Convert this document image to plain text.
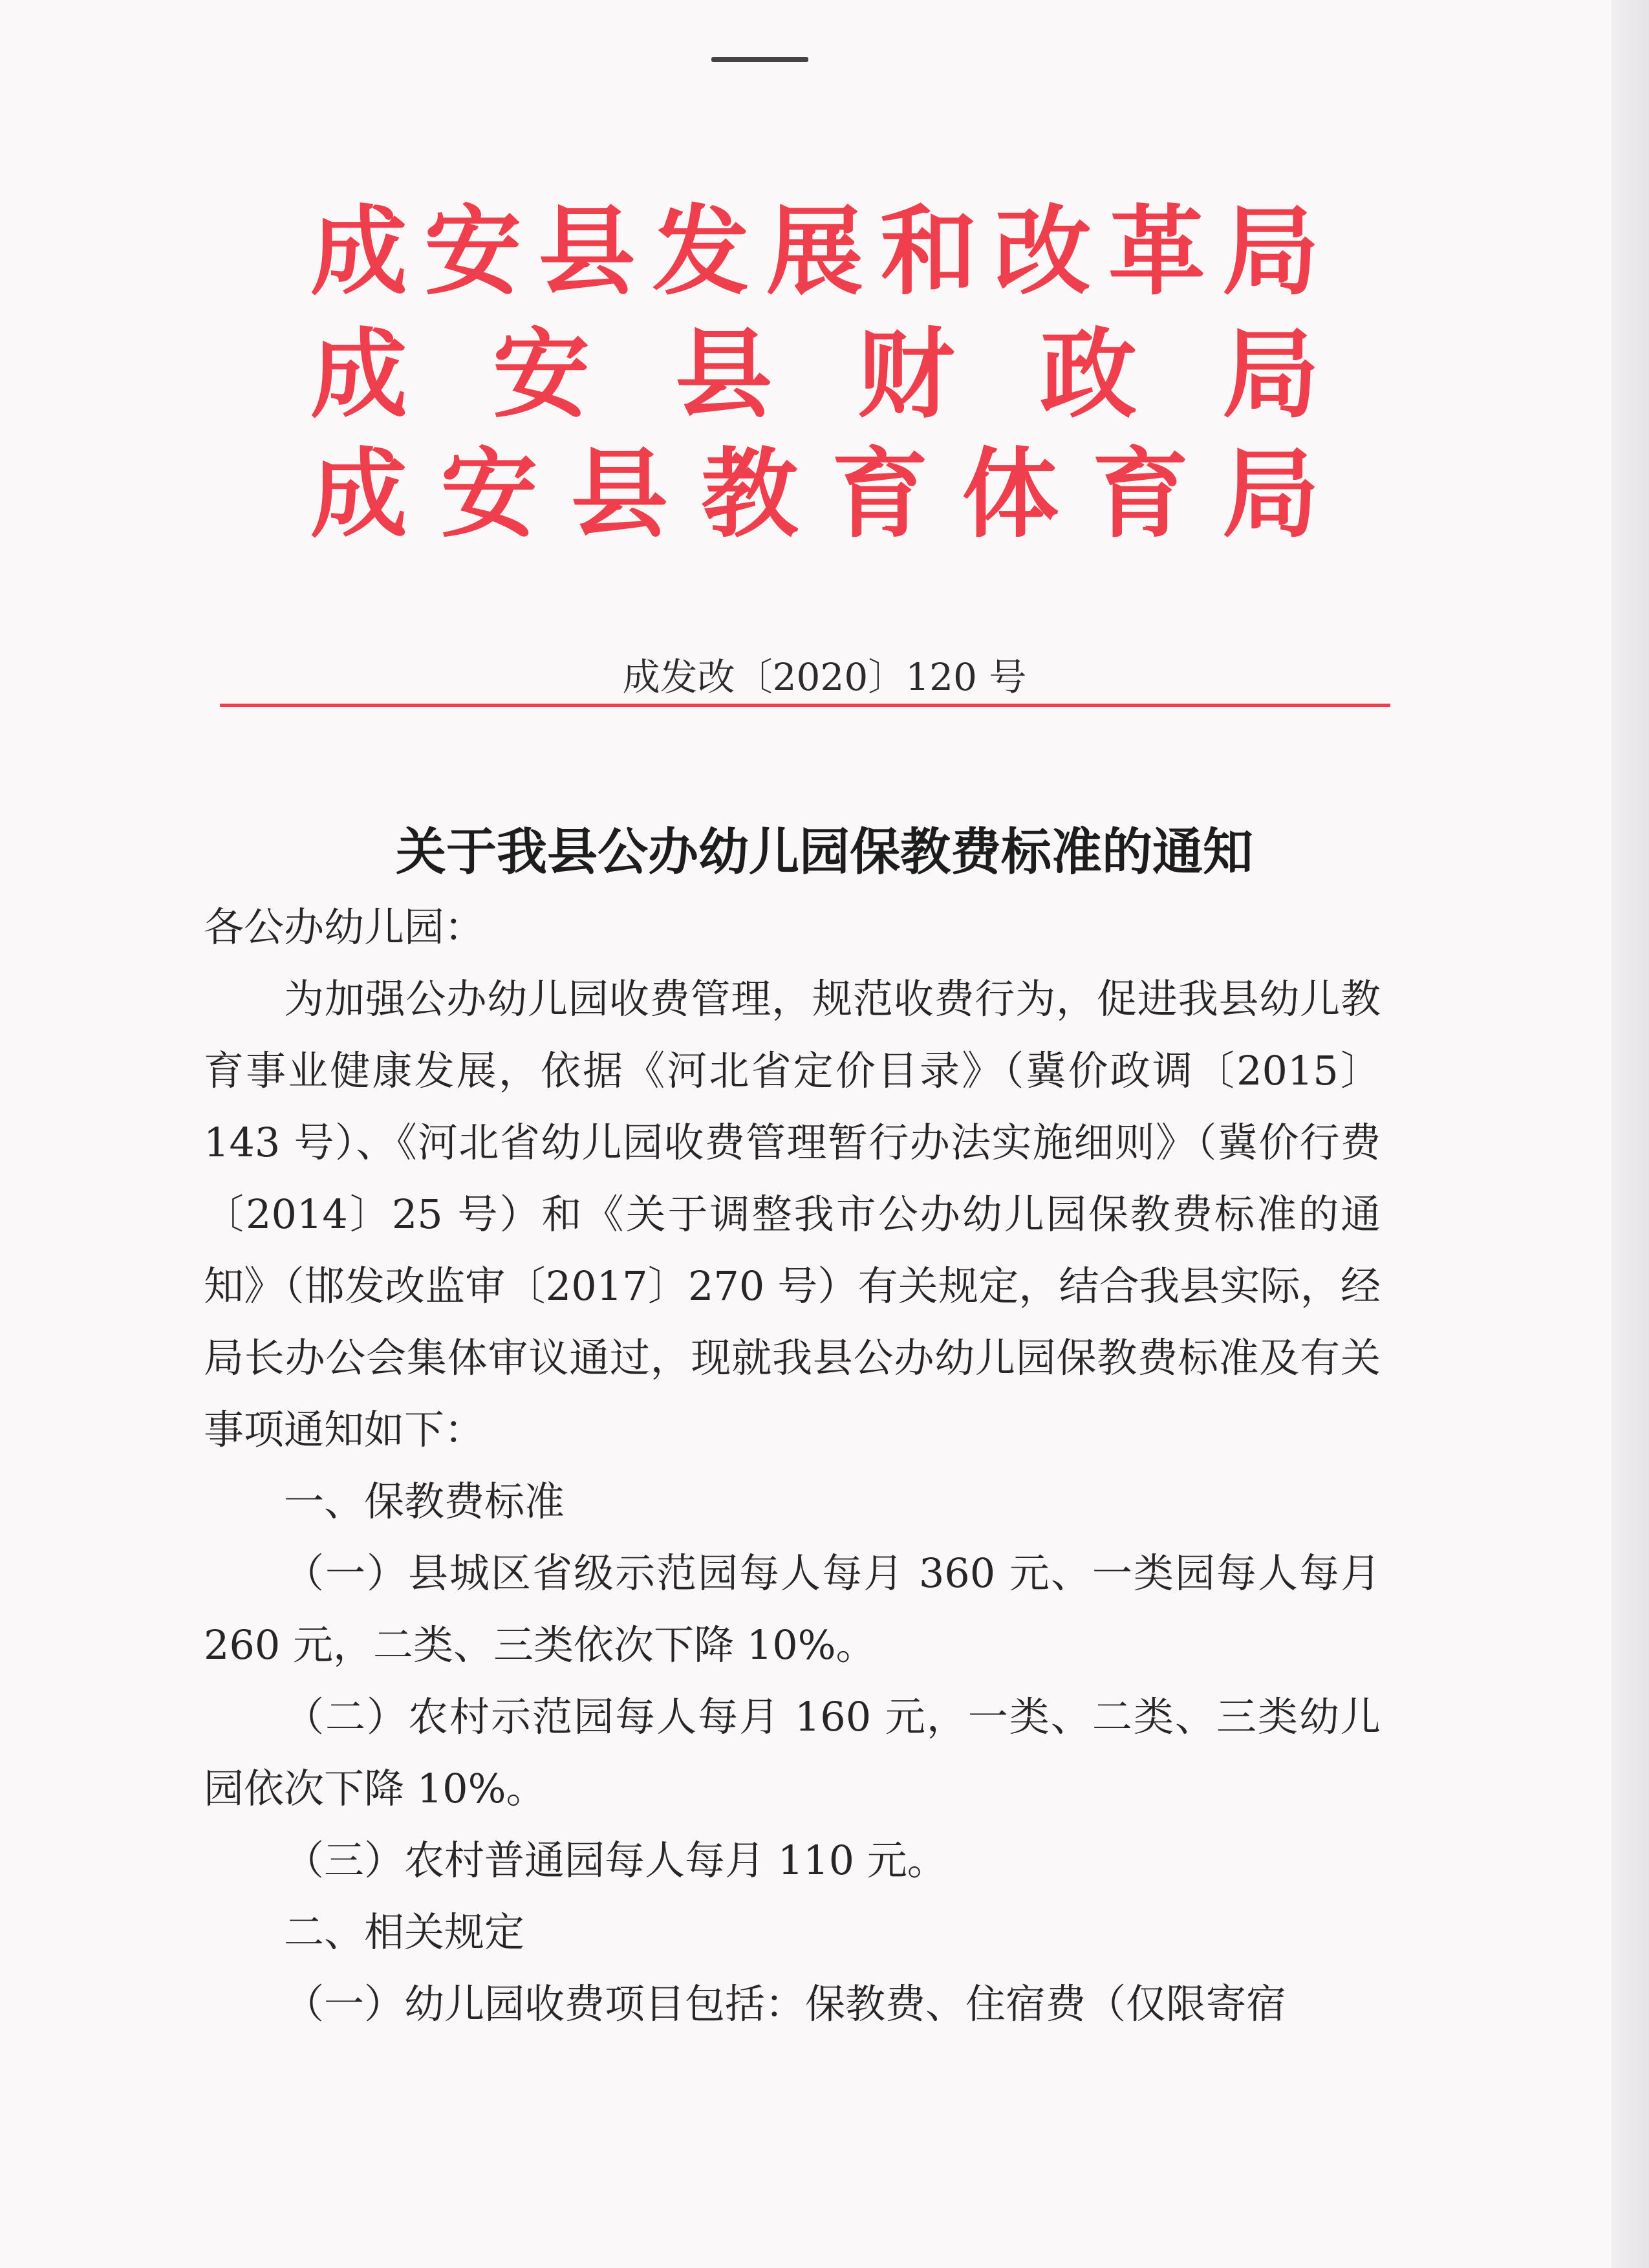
成安县发展和改革局
成安县财政局
成安县教育体育局
成发改〔2020〕120 号
关于我县公办幼儿园保教费标准的通知
各公办幼儿园：

为加强公办幼儿园收费管理，规范收费行为，促进我县幼儿教育事业健康发展，依据《河北省定价目录》（冀价政调〔2015〕143 号）、《河北省幼儿园收费管理暂行办法实施细则》（冀价行费〔2014〕25 号）和《关于调整我市公办幼儿园保教费标准的通知》（邯发改监审〔2017〕270 号）有关规定，结合我县实际，经局长办公会集体审议通过，现就我县公办幼儿园保教费标准及有关事项通知如下：

一、保教费标准

（一）县城区省级示范园每人每月 360 元、一类园每人每月 260 元，二类、三类依次下降 10%。

（二）农村示范园每人每月 160 元，一类、二类、三类幼儿园依次下降 10%。

（三）农村普通园每人每月 110 元。

二、相关规定

（一）幼儿园收费项目包括：保教费、住宿费（仅限寄宿
